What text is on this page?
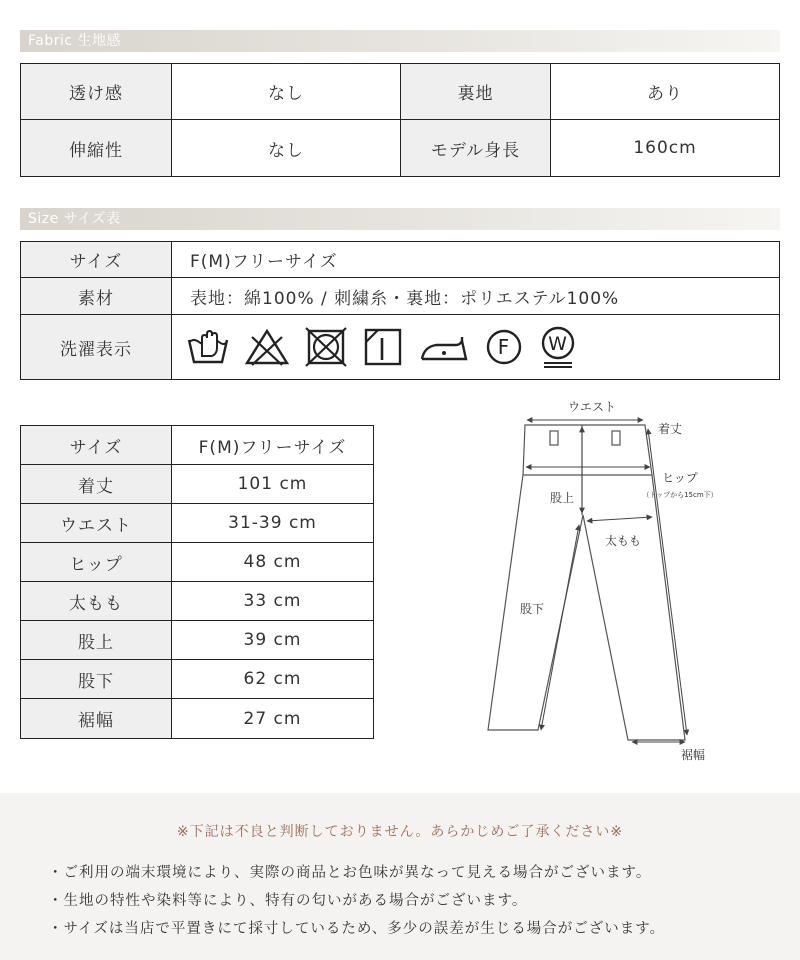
Fabric 生地感
透け感	なし	裏地	あり
伸縮性	なし	モデル身長	160cm
Size サイズ表
サイズ	F(M)フリーサイズ
素材	表地：綿100% / 刺繍糸・裏地：ポリエステル100%
洗濯表示	F W
サイズ	F(M)フリーサイズ
着丈	101 cm
ウエスト	31-39 cm
ヒップ	48 cm
太もも	33 cm
股上	39 cm
股下	62 cm
裾幅	27 cm
ウエスト
着丈
ヒップ
（トップから15cm下）
股上
太もも
股下
裾幅
※下記は不良と判断しておりません。あらかじめご了承ください※
・ご利用の端末環境により、実際の商品とお色味が異なって見える場合がございます。
・生地の特性や染料等により、特有の匂いがある場合がございます。
・サイズは当店で平置きにて採寸しているため、多少の誤差が生じる場合がございます。
